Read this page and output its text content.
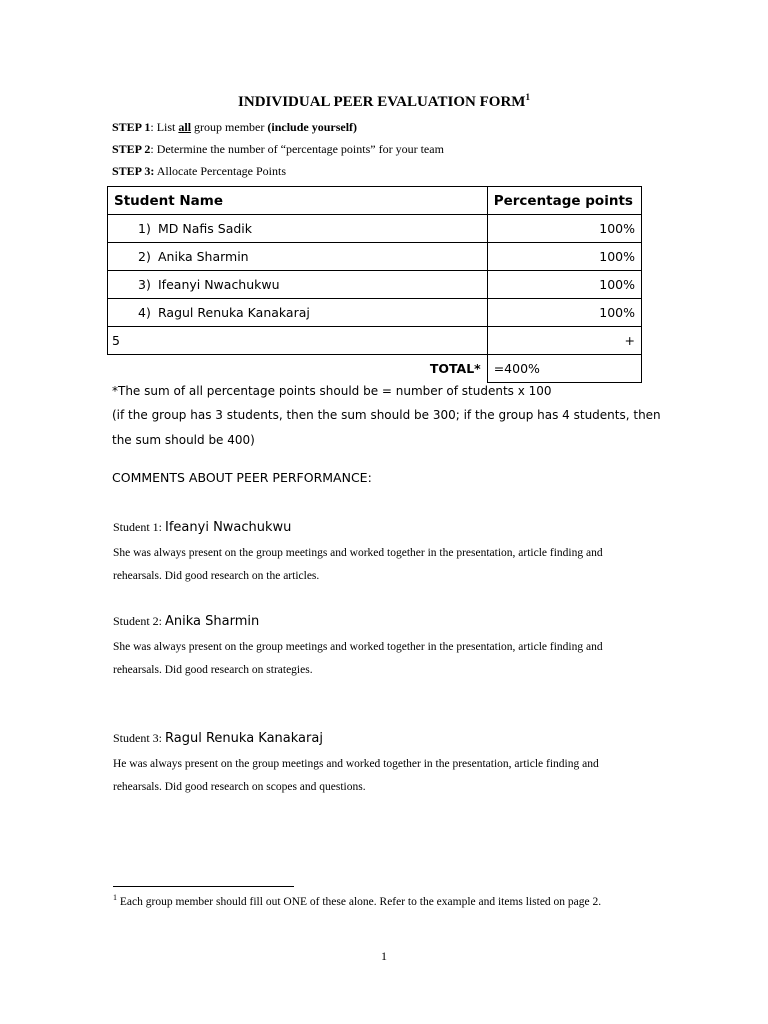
INDIVIDUAL PEER EVALUATION FORM$^1$
STEP 1: List all group member (include yourself)
STEP 2: Determine the number of “percentage points” for your team
STEP 3: Allocate Percentage Points
Student Name	Percentage points
1) MD Nafis Sadik	100%
2) Anika Sharmin	100%
3) Ifeanyi Nwachukwu	100%
4) Ragul Renuka Kanakaraj	100%
5	+
TOTAL*	=400%
*The sum of all percentage points should be = number of students x 100
(if the group has 3 students, then the sum should be 300; if the group has 4 students, then
the sum should be 400)
COMMENTS ABOUT PEER PERFORMANCE:
Student 1: Ifeanyi Nwachukwu
She was always present on the group meetings and worked together in the presentation, article finding and
rehearsals. Did good research on the articles.
Student 2: Anika Sharmin
She was always present on the group meetings and worked together in the presentation, article finding and
rehearsals. Did good research on strategies.
Student 3: Ragul Renuka Kanakaraj
He was always present on the group meetings and worked together in the presentation, article finding and
rehearsals. Did good research on scopes and questions.
$^1$ Each group member should fill out ONE of these alone. Refer to the example and items listed on page 2.
1
